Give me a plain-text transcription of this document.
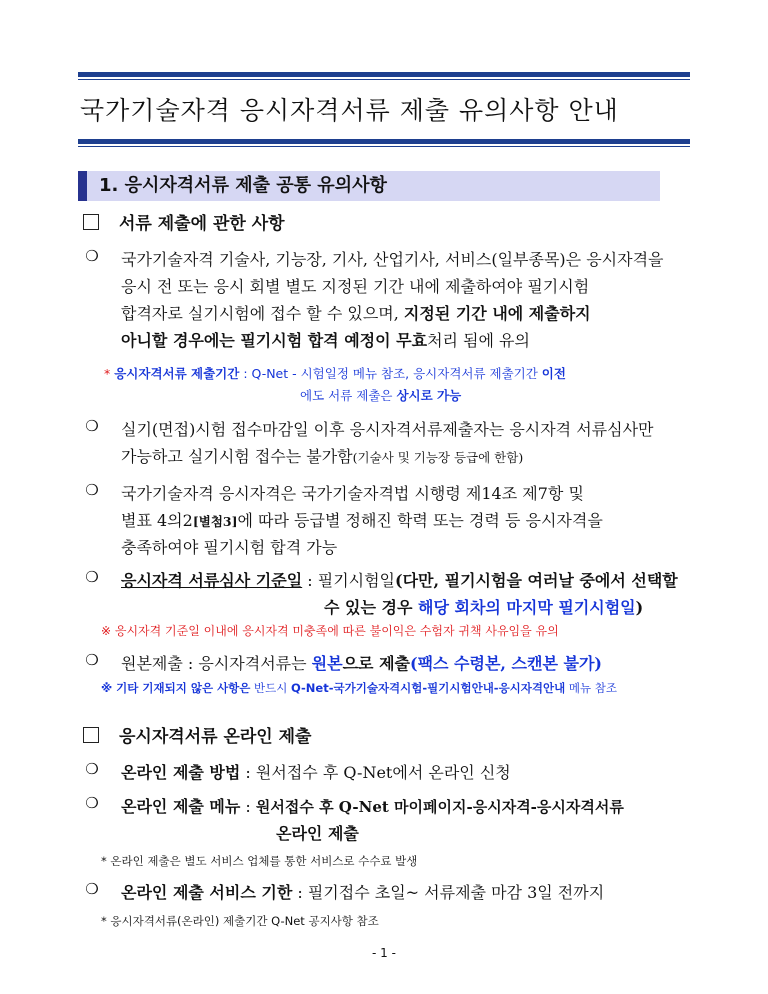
국가기술자격 응시자격서류 제출 유의사항 안내
1. 응시자격서류 제출 공통 유의사항
서류 제출에 관한 사항
❍ 국가기술자격 기술사, 기능장, 기사, 산업기사, 서비스(일부종목)은 응시자격을
응시 전 또는 응시 회별 별도 지정된 기간 내에 제출하여야 필기시험
합격자로 실기시험에 접수 할 수 있으며, 지정된 기간 내에 제출하지
아니할 경우에는 필기시험 합격 예정이 무효처리 됨에 유의
* 응시자격서류 제출기간 : Q-Net - 시험일정 메뉴 참조, 응시자격서류 제출기간 이전
에도 서류 제출은 상시로 가능
❍ 실기(면접)시험 접수마감일 이후 응시자격서류제출자는 응시자격 서류심사만
가능하고 실기시험 접수는 불가함(기술사 및 기능장 등급에 한함)
❍ 국가기술자격 응시자격은 국가기술자격법 시행령 제14조 제7항 및
별표 4의2[별첨3]에 따라 등급별 정해진 학력 또는 경력 등 응시자격을
충족하여야 필기시험 합격 가능
❍ 응시자격 서류심사 기준일 : 필기시험일(다만, 필기시험을 여러날 중에서 선택할
수 있는 경우 해당 회차의 마지막 필기시험일)
※ 응시자격 기준일 이내에 응시자격 미충족에 따른 불이익은 수험자 귀책 사유임을 유의
❍ 원본제출 : 응시자격서류는 원본으로 제출(팩스 수령본, 스캔본 불가)
※ 기타 기재되지 않은 사항은 반드시 Q-Net-국가기술자격시험-필기시험안내-응시자격안내 메뉴 참조
응시자격서류 온라인 제출
❍ 온라인 제출 방법 : 원서접수 후 Q-Net에서 온라인 신청
❍ 온라인 제출 메뉴 : 원서접수 후 Q-Net 마이페이지-응시자격-응시자격서류
온라인 제출
* 온라인 제출은 별도 서비스 업체를 통한 서비스로 수수료 발생
❍ 온라인 제출 서비스 기한 : 필기접수 초일~ 서류제출 마감 3일 전까지
* 응시자격서류(온라인) 제출기간 Q-Net 공지사항 참조
- 1 -
